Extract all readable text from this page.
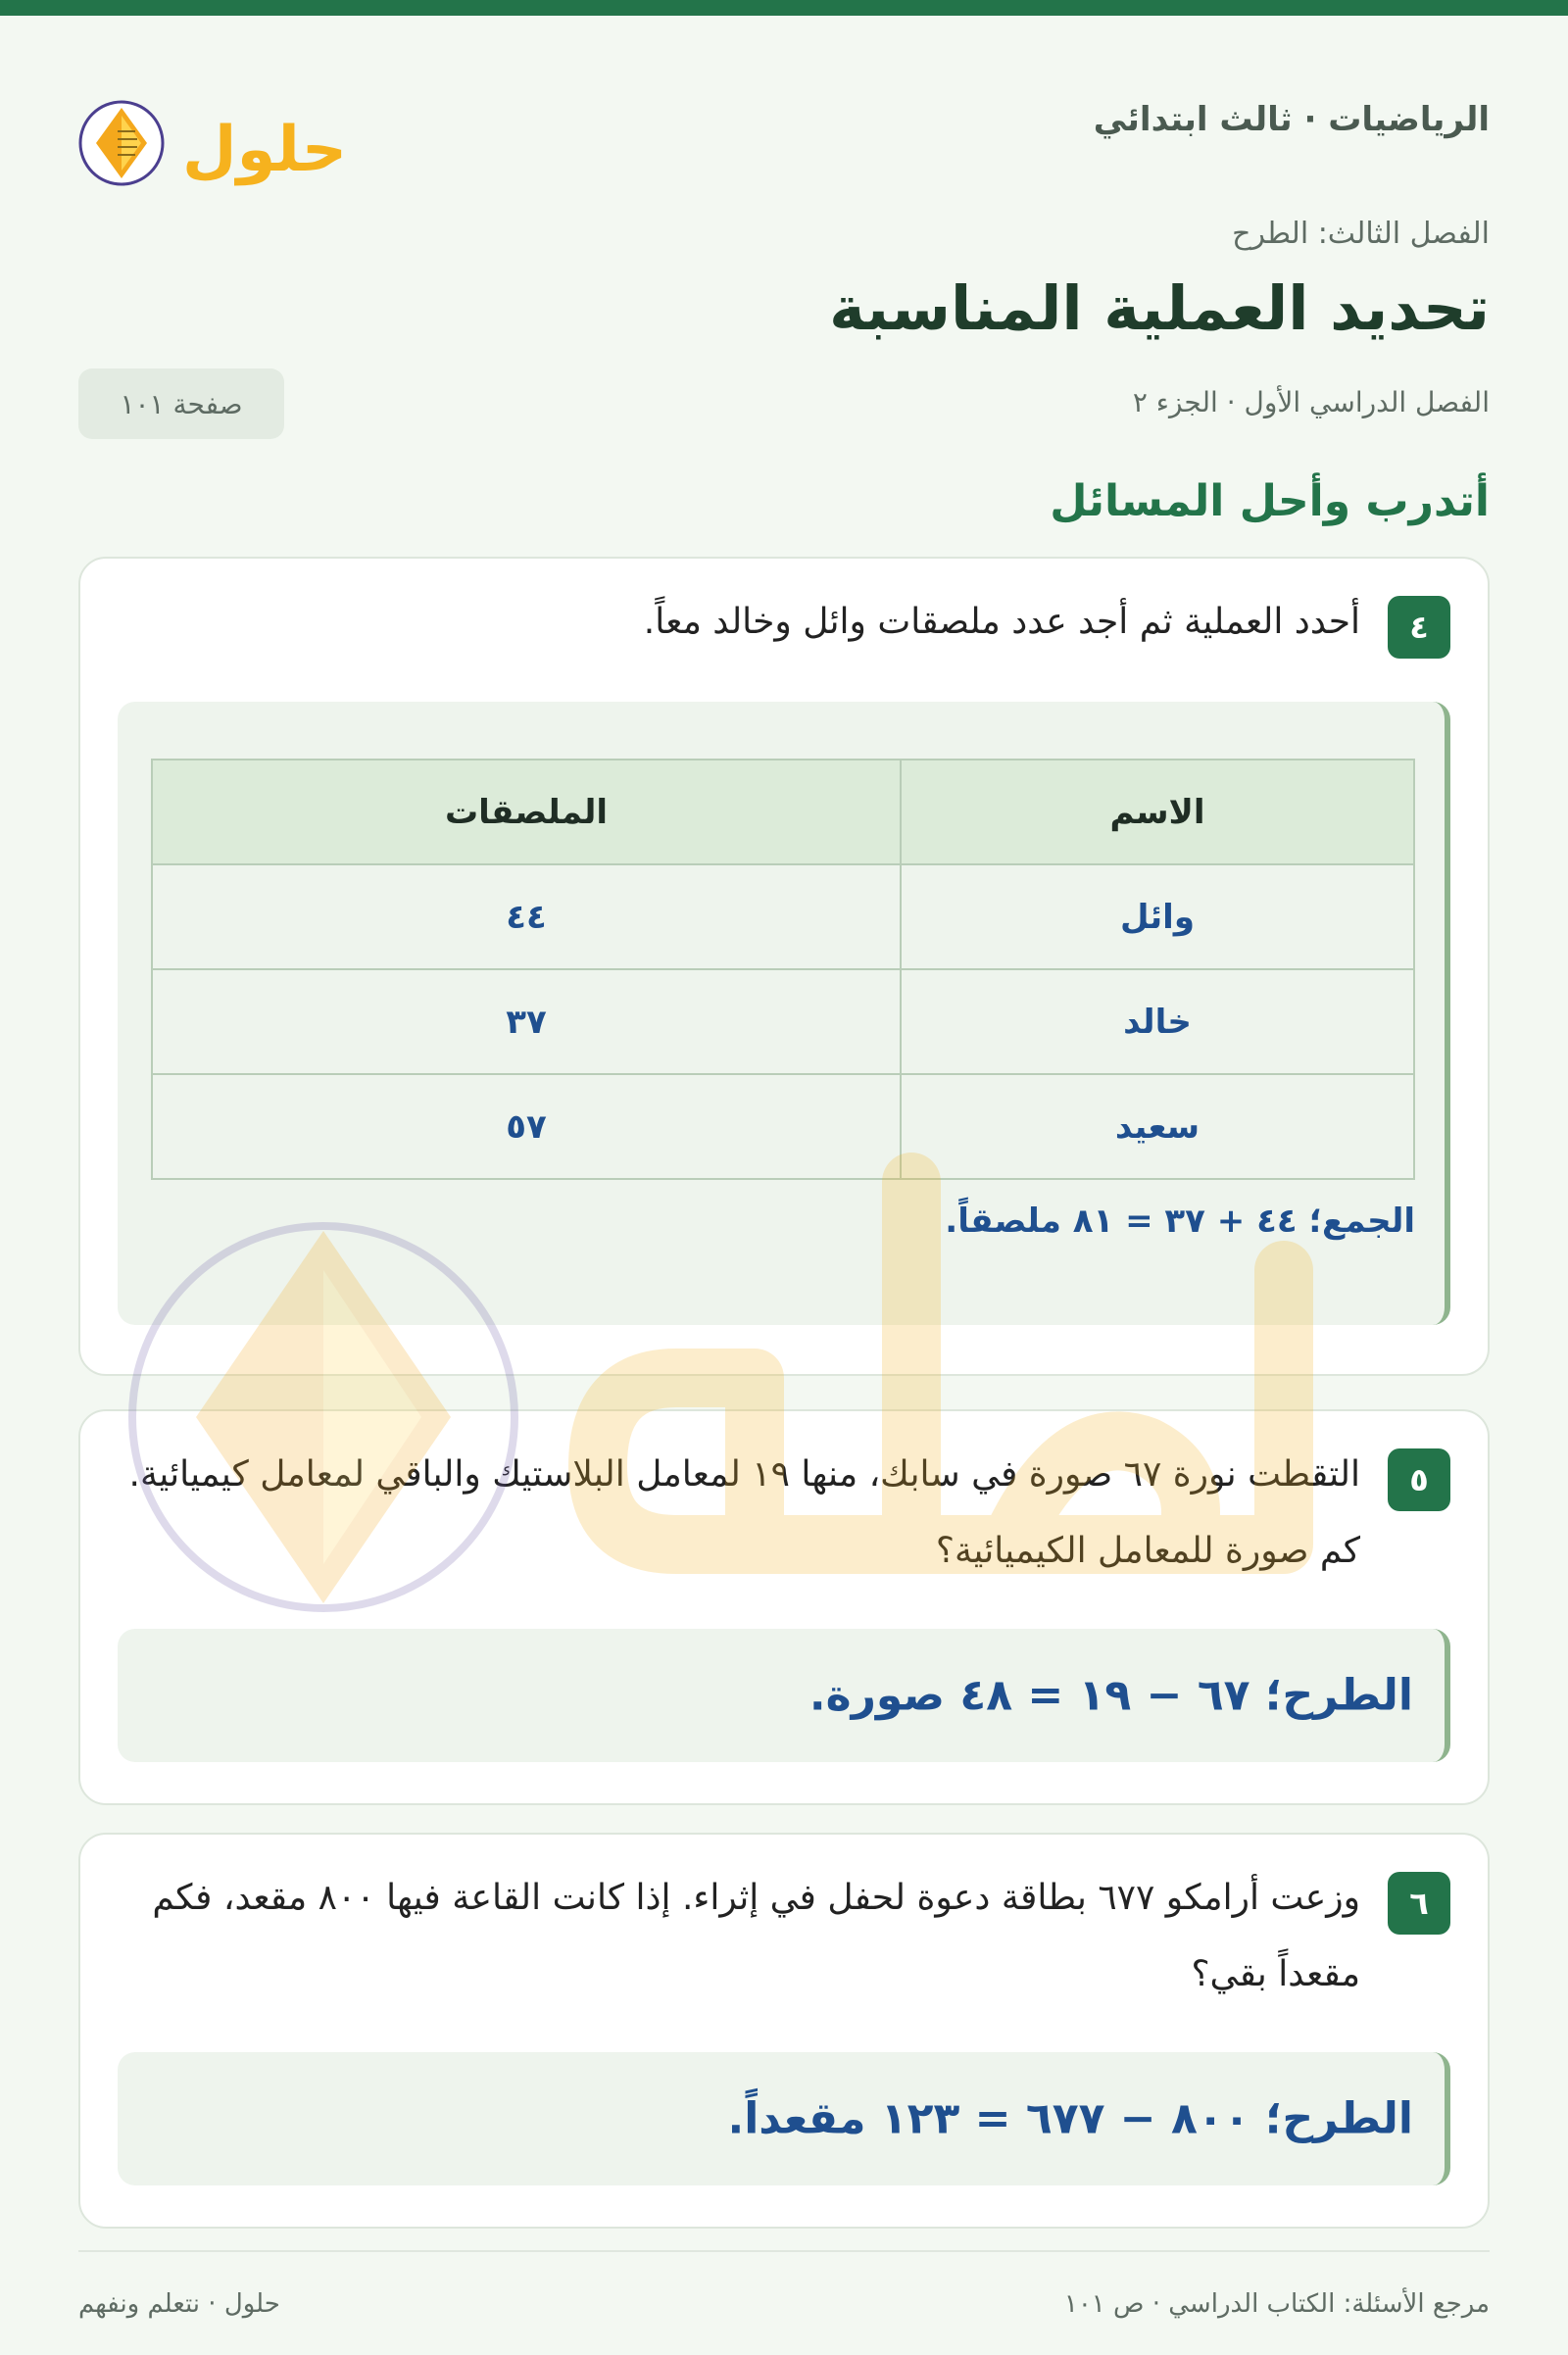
الرياضيات · ثالث ابتدائي
حلول
الفصل الثالث: الطرح
تحديد العملية المناسبة
الفصل الدراسي الأول · الجزء ٢
صفحة ١٠١
أتدرب وأحل المسائل
٤
أحدد العملية ثم أجد عدد ملصقات وائل وخالد معاً.
الاسم	الملصقات
وائل	٤٤
خالد	٣٧
سعيد	٥٧
الجمع؛ ٤٤ + ٣٧ = ٨١ ملصقاً.
٥
التقطت نورة ٦٧ صورة في سابك، منها ١٩ لمعامل البلاستيك والباقي لمعامل كيميائية. كم صورة للمعامل الكيميائية؟
الطرح؛ ٦٧ − ١٩ = ٤٨ صورة.
٦
وزعت أرامكو ٦٧٧ بطاقة دعوة لحفل في إثراء. إذا كانت القاعة فيها ٨٠٠ مقعد، فكم مقعداً بقي؟
الطرح؛ ٨٠٠ − ٦٧٧ = ١٢٣ مقعداً.
مرجع الأسئلة: الكتاب الدراسي · ص ١٠١
حلول · نتعلم ونفهم
